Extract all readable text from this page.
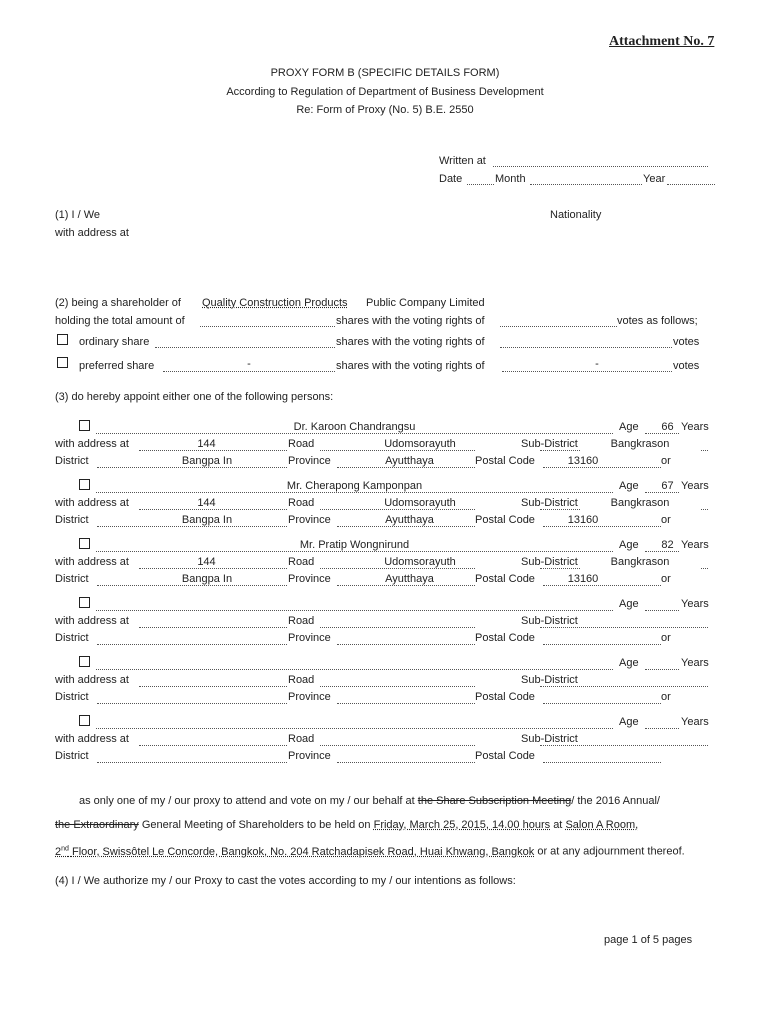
Attachment No. 7
PROXY FORM B (SPECIFIC DETAILS FORM)
According to Regulation of Department of Business Development
Re: Form of Proxy (No. 5) B.E. 2550
Written at
Date	Month	Year
(1) I / We	Nationality
with address at
(2) being a shareholder of Quality Construction Products Public Company Limited
holding the total amount of	shares with the voting rights of	votes as follows;
ordinary share	shares with the voting rights of	votes
preferred share	-	shares with the voting rights of	-	votes
(3) do hereby appoint either one of the following persons:
Dr. Karoon Chandrangsu	Age	66 Years
with address at	144	Road	Udomsorayuth	Sub-District	Bangkrason
District	Bangpa In	Province	Ayutthaya	Postal Code	13160	or
Mr. Cherapong Kamponpan	Age	67 Years
with address at	144	Road	Udomsorayuth	Sub-District	Bangkrason
District	Bangpa In	Province	Ayutthaya	Postal Code	13160	or
Mr. Pratip Wongnirund	Age	82 Years
with address at	144	Road	Udomsorayuth	Sub-District	Bangkrason
District	Bangpa In	Province	Ayutthaya	Postal Code	13160	or
Age	Years
with address at	Road	Sub-District
District	Province	Postal Code	or
Age	Years
with address at	Road	Sub-District
District	Province	Postal Code	or
Age	Years
with address at	Road	Sub-District
District	Province	Postal Code
as only one of my / our proxy to attend and vote on my / our behalf at the Share Subscription Meeting/ the 2016 Annual/
the Extraordinary General Meeting of Shareholders to be held on Friday, March 25, 2015, 14.00 hours at Salon A Room,
2nd Floor, Swissôtel Le Concorde, Bangkok, No. 204 Ratchadapisek Road, Huai Khwang, Bangkok or at any adjournment thereof.
(4) I / We authorize my / our Proxy to cast the votes according to my / our intentions as follows:
page 1 of 5 pages
